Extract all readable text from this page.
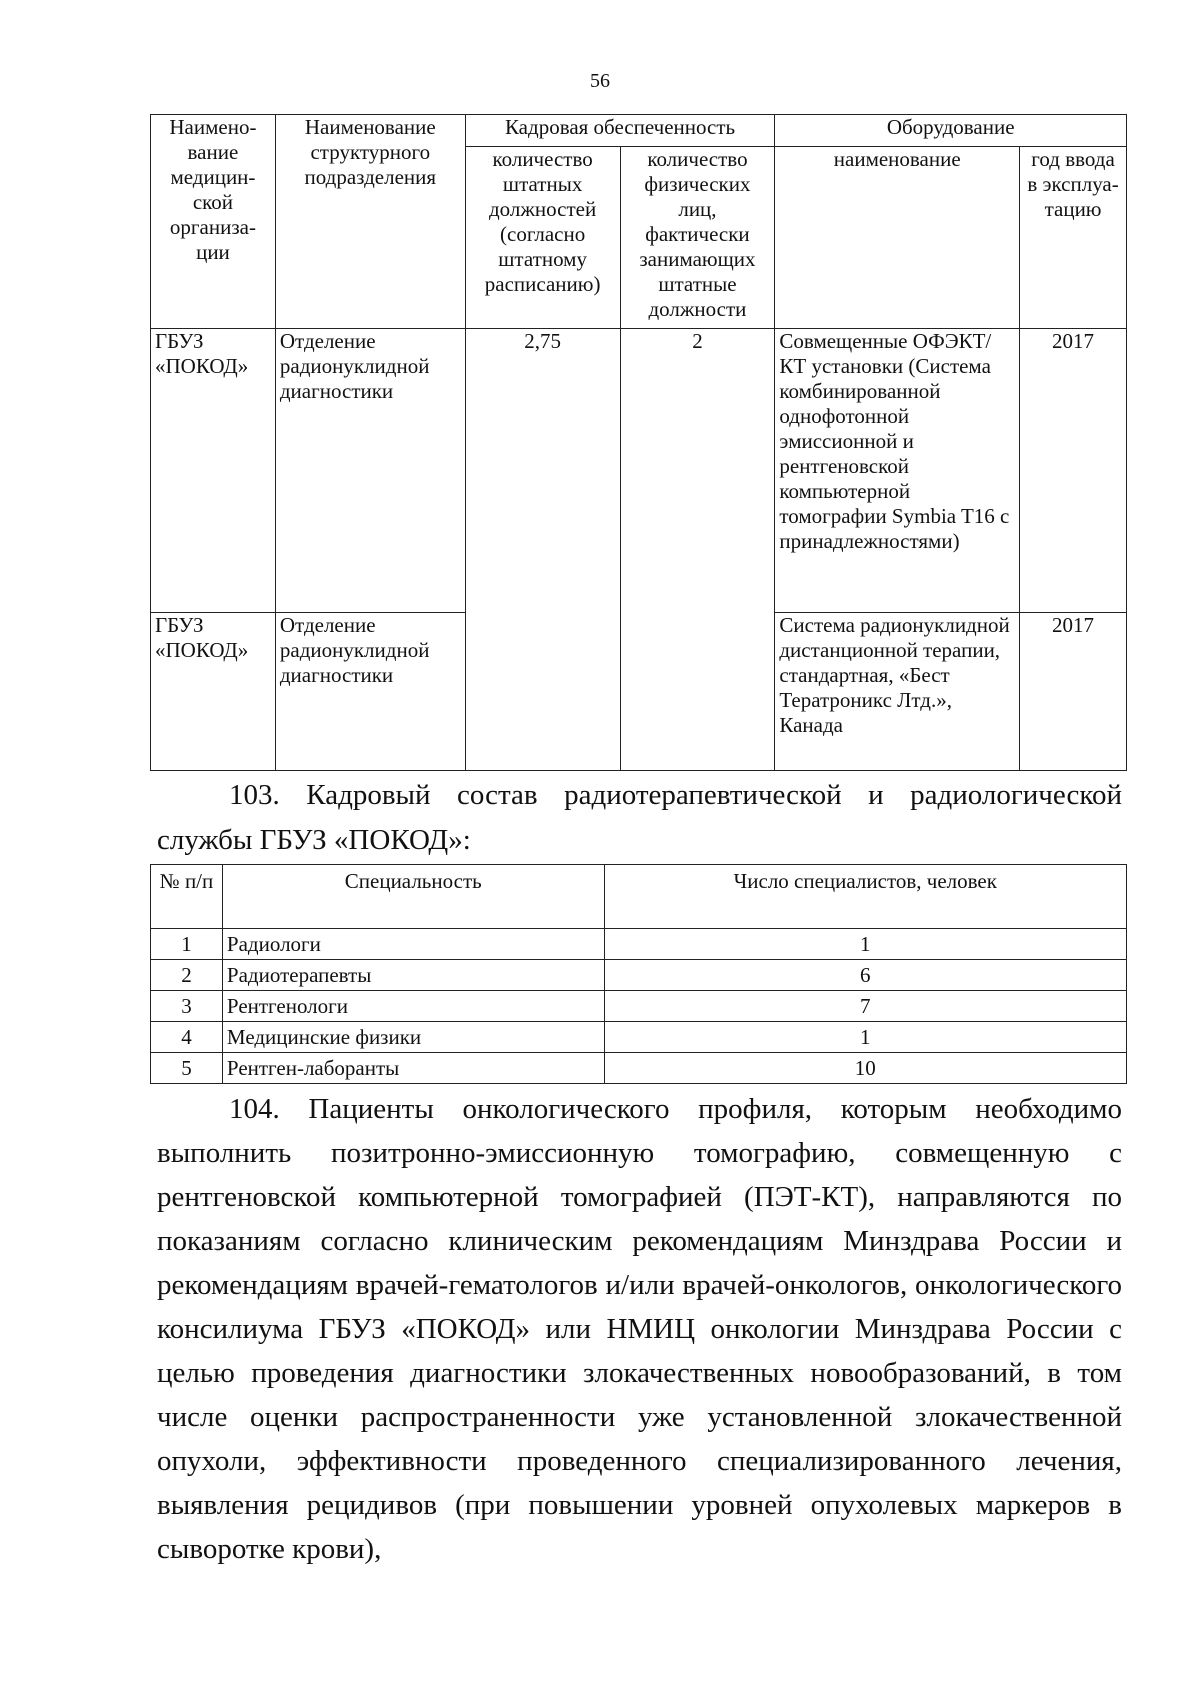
56
Наимено-вание медицин-ской организа-ции	Наименование структурного подразделения	Кадровая обеспеченность		Оборудование	
		количество штатных должностей (согласно штатному расписанию)	количество физических лиц, фактически занимающих штатные должности	наименование	год ввода в эксплуа-тацию
ГБУЗ «ПОКОД»	Отделение радионуклидной диагностики	2,75	2	Совмещенные ОФЭКТ/КТ установки (Система комбинированной однофотонной эмиссионной и рентгеновской компьютерной томографии Symbia T16 с принадлежностями)	2017
ГБУЗ «ПОКОД»	Отделение радионуклидной диагностики			Система радионуклидной дистанционной терапии, стандартная, «Бест Тератроникс Лтд.», Канада	2017
103. Кадровый состав радиотерапевтической и радиологической службы ГБУЗ «ПОКОД»:
№ п/п	Специальность	Число специалистов, человек
1	Радиологи	1
2	Радиотерапевты	6
3	Рентгенологи	7
4	Медицинские физики	1
5	Рентген-лаборанты	10
104. Пациенты онкологического профиля, которым необходимо выполнить позитронно-эмиссионную томографию, совмещенную с рентгеновской компьютерной томографией (ПЭТ-КТ), направляются по показаниям согласно клиническим рекомендациям Минздрава России и рекомендациям врачей-гематологов и/или врачей-онкологов, онкологического консилиума ГБУЗ «ПОКОД» или НМИЦ онкологии Минздрава России с целью проведения диагностики злокачественных новообразований, в том числе оценки распространенности уже установленной злокачественной опухоли, эффективности проведенного специализированного лечения, выявления рецидивов (при повышении уровней опухолевых маркеров в сыворотке крови),
